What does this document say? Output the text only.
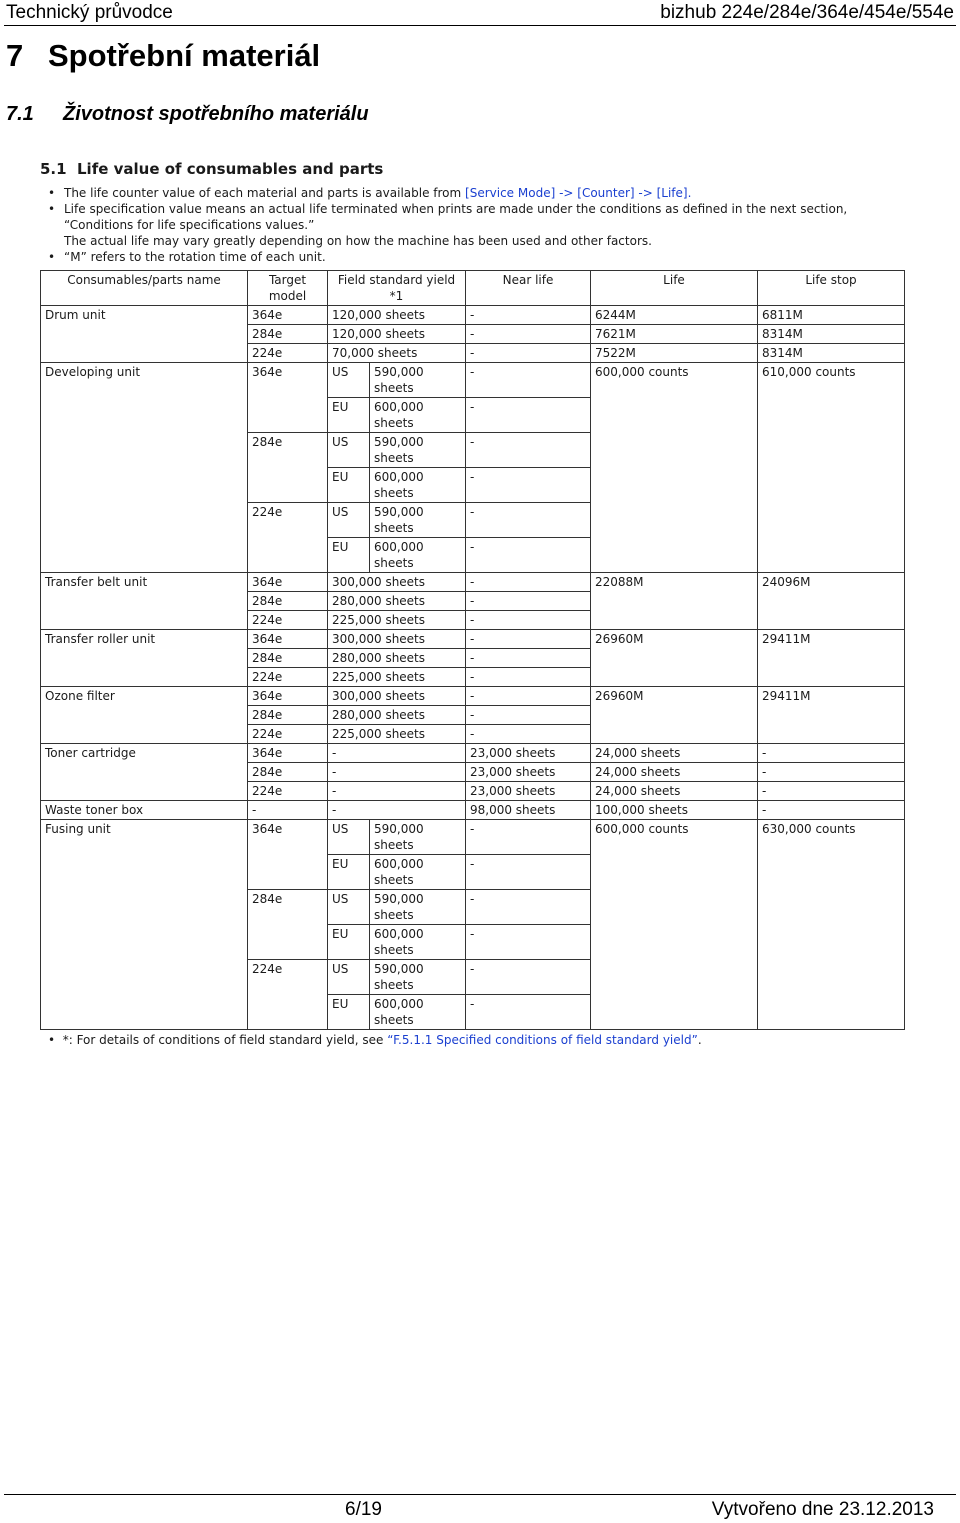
Technický průvodce	bizhub 224e/284e/364e/454e/554e
7 Spotřební materiál
7.1 Životnost spotřebního materiálu
5.1 Life value of consumables and parts
• The life counter value of each material and parts is available from [Service Mode] -> [Counter] -> [Life].
• Life specification value means an actual life terminated when prints are made under the conditions as defined in the next section,
“Conditions for life specifications values.”
The actual life may vary greatly depending on how the machine has been used and other factors.
• “M” refers to the rotation time of each unit.
Consumables/parts name	Target model	Field standard yield *1		Near life	Life	Life stop
Drum unit	364e	120,000 sheets		-	6244M	6811M
	284e	120,000 sheets		-	7621M	8314M
	224e	70,000 sheets		-	7522M	8314M
Developing unit	364e	US	590,000 sheets	-	600,000 counts	610,000 counts
		EU	600,000 sheets	-		
	284e	US	590,000 sheets	-		
		EU	600,000 sheets	-		
	224e	US	590,000 sheets	-		
		EU	600,000 sheets	-		
Transfer belt unit	364e	300,000 sheets		-	22088M	24096M
	284e	280,000 sheets		-		
	224e	225,000 sheets		-		
Transfer roller unit	364e	300,000 sheets		-	26960M	29411M
	284e	280,000 sheets		-		
	224e	225,000 sheets		-		
Ozone filter	364e	300,000 sheets		-	26960M	29411M
	284e	280,000 sheets		-		
	224e	225,000 sheets		-		
Toner cartridge	364e	-		23,000 sheets	24,000 sheets	-
	284e	-		23,000 sheets	24,000 sheets	-
	224e	-		23,000 sheets	24,000 sheets	-
Waste toner box	-	-		98,000 sheets	100,000 sheets	-
Fusing unit	364e	US	590,000 sheets	-	600,000 counts	630,000 counts
		EU	600,000 sheets	-		
	284e	US	590,000 sheets	-		
		EU	600,000 sheets	-		
	224e	US	590,000 sheets	-		
		EU	600,000 sheets	-		
•  *: For details of conditions of field standard yield, see “F.5.1.1 Specified conditions of field standard yield”.
6/19	Vytvořeno dne 23.12.2013
